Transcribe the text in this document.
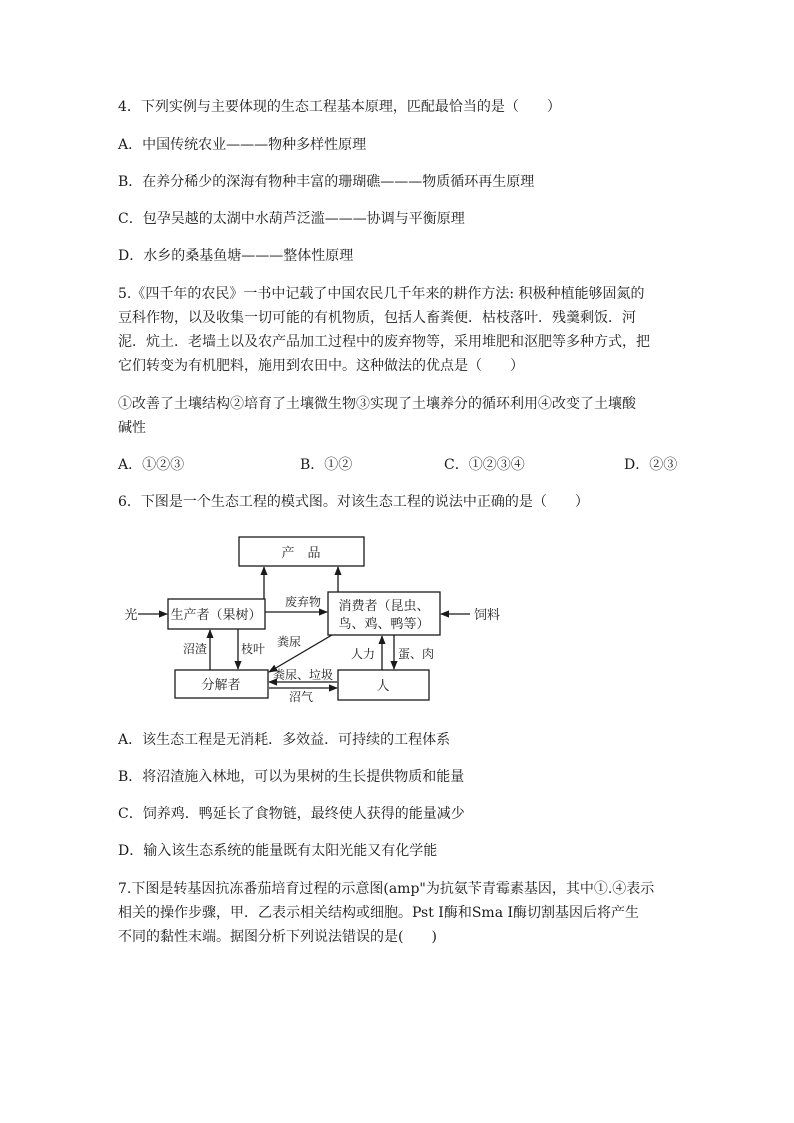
4．下列实例与主要体现的生态工程基本原理，匹配最恰当的是（　　）
A．中国传统农业———物种多样性原理
B．在养分稀少的深海有物种丰富的珊瑚礁———物质循环再生原理
C．包孕吴越的太湖中水葫芦泛滥———协调与平衡原理
D．水乡的桑基鱼塘———整体性原理
5.《四千年的农民》一书中记载了中国农民几千年来的耕作方法: 积极种植能够固氮的
豆科作物，以及收集一切可能的有机物质，包括人畜粪便．枯枝落叶．残羹剩饭．河
泥．炕土．老墙土以及农产品加工过程中的废弃物等，采用堆肥和沤肥等多种方式，把
它们转变为有机肥料，施用到农田中。这种做法的优点是（　　）
①改善了土壤结构②培育了土壤微生物③实现了土壤养分的循环利用④改变了土壤酸
碱性
A．①②③	B．①②	C．①②③④	D．②③
6．下图是一个生态工程的模式图。对该生态工程的说法中正确的是（　　）
产　品
生产者（果树）
消费者（昆虫、
鸟、鸡、鸭等）
分解者	人
光	饲料
废弃物
粪尿
沼渣	枝叶	人力 蛋、肉
粪尿、垃圾
沼气
A．该生态工程是无消耗．多效益．可持续的工程体系
B．将沼渣施入林地，可以为果树的生长提供物质和能量
C．饲养鸡．鸭延长了食物链，最终使人获得的能量减少
D．输入该生态系统的能量既有太阳光能又有化学能
7.下图是转基因抗冻番茄培育过程的示意图(amp"为抗氨苄青霉素基因，其中①.④表示
相关的操作步骤，甲．乙表示相关结构或细胞。Pst Ⅰ酶和Sma Ⅰ酶切割基因后将产生
不同的黏性末端。据图分析下列说法错误的是(　　)
